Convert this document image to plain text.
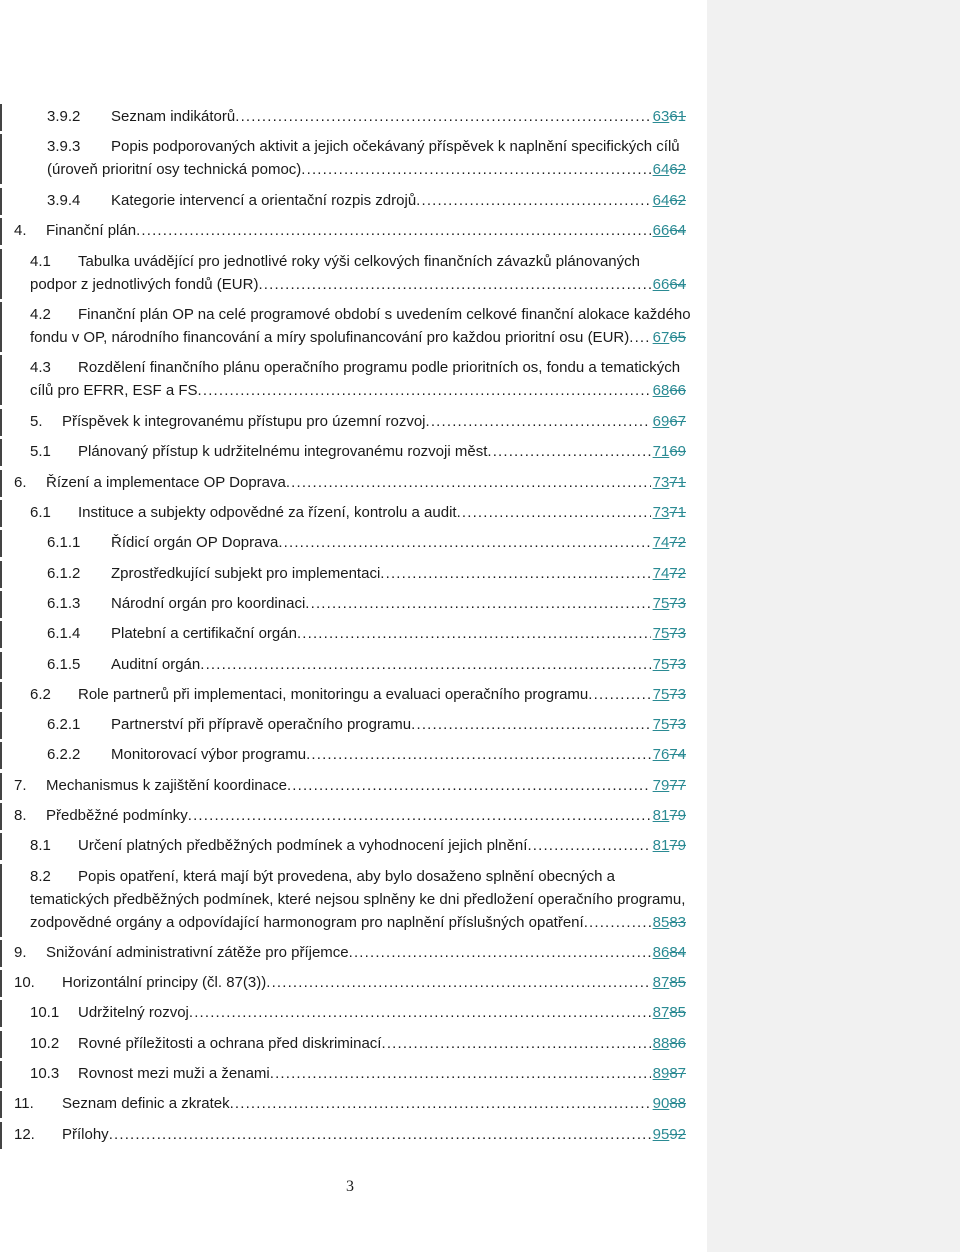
3.9.2	Seznam indikátorů . . .	6361
3.9.3	Popis podporovaných aktivit a jejich očekávaný příspěvek k naplnění specifických cílů
(úroveň prioritní osy technická pomoc) . . .	6462
3.9.4	Kategorie intervencí a orientační rozpis zdrojů . . .	6462
4.	Finanční plán . . .	6664
4.1	Tabulka uvádějící pro jednotlivé roky výši celkových finančních závazků plánovaných
podpor z jednotlivých fondů (EUR) . . .	6664
4.2	Finanční plán OP na celé programové období s uvedením celkové finanční alokace každého
fondu v OP, národního financování a míry spolufinancování pro každou prioritní osu (EUR) . . . 6765
4.3	Rozdělení finančního plánu operačního programu podle prioritních os, fondu a tematických
cílů pro EFRR, ESF a FS . . .	6866
5.	Příspěvek k integrovanému přístupu pro územní rozvoj . . .	6967
5.1	Plánovaný přístup k udržitelnému integrovanému rozvoji měst . . .	7169
6.	Řízení a implementace OP Doprava . . .	7371
6.1	Instituce a subjekty odpovědné za řízení, kontrolu a audit . . .	7371
6.1.1	Řídicí orgán OP Doprava . . .	7472
6.1.2	Zprostředkující subjekt pro implementaci . . .	7472
6.1.3	Národní orgán pro koordinaci . . .	7573
6.1.4	Platební a certifikační orgán . . .	7573
6.1.5	Auditní orgán . . .	7573
6.2	Role partnerů při implementaci, monitoringu a evaluaci operačního programu . . .	7573
6.2.1	Partnerství při přípravě operačního programu . . .	7573
6.2.2	Monitorovací výbor programu . . .	7674
7.	Mechanismus k zajištění koordinace . . .	7977
8.	Předběžné podmínky . . .	8179
8.1	Určení platných předběžných podmínek a vyhodnocení jejich plnění . . .	8179
8.2	Popis opatření, která mají být provedena, aby bylo dosaženo splnění obecných a
tematických předběžných podmínek, které nejsou splněny ke dni předložení operačního programu,
zodpovědné orgány a odpovídající harmonogram pro naplnění příslušných opatření . . .	8583
9.	Snižování administrativní zátěže pro příjemce . . .	8684
10.	Horizontální principy (čl. 87(3)) . . .	8785
10.1	Udržitelný rozvoj . . .	8785
10.2	Rovné příležitosti a ochrana před diskriminací . . .	8886
10.3	Rovnost mezi muži a ženami . . .	8987
11.	Seznam definic a zkratek . . .	9088
12.	Přílohy . . .	9592
3
